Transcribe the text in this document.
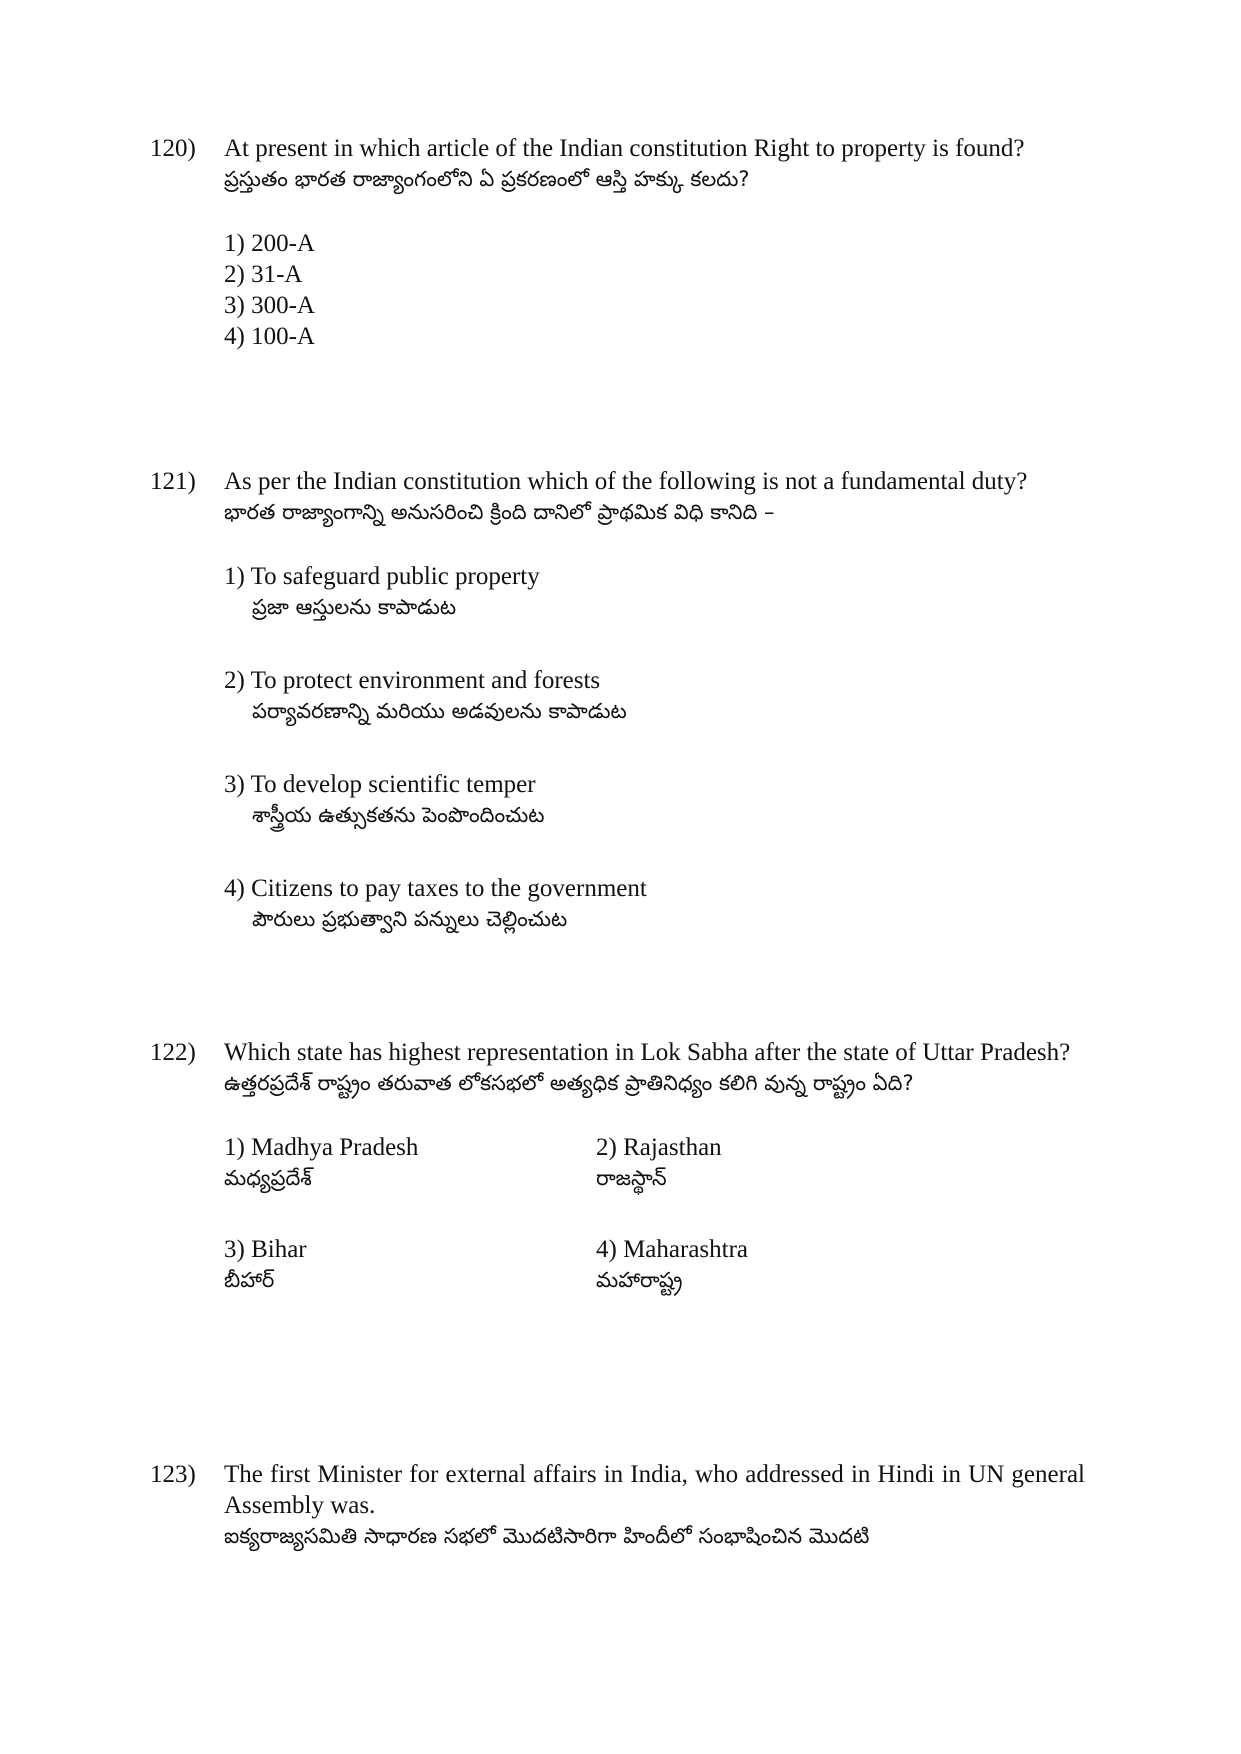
120) At present in which article of the Indian constitution Right to property is found?
ప్రస్తుతం భారత రాజ్యాంగంలోని ఏ ప్రకరణంలో ఆస్తి హక్కు కలదు?
1) 200-A
2) 31-A
3) 300-A
4) 100-A
121) As per the Indian constitution which of the following is not a fundamental duty?
భారత రాజ్యాంగాన్ని అనుసరించి క్రింది దానిలో ప్రాథమిక విధి కానిది –
1) To safeguard public property
ప్రజా ఆస్తులను కాపాడుట
2) To protect environment and forests
పర్యావరణాన్ని మరియు అడవులను కాపాడుట
3) To develop scientific temper
శాస్త్రీయ ఉత్సుకతను పెంపొందించుట
4) Citizens to pay taxes to the government
పౌరులు ప్రభుత్వాని పన్నులు చెల్లించుట
122) Which state has highest representation in Lok Sabha after the state of Uttar Pradesh?
ఉత్తరప్రదేశ్ రాష్ట్రం తరువాత లోకసభలో అత్యధిక ప్రాతినిధ్యం కలిగి వున్న రాష్ట్రం ఏది?
1) Madhya Pradesh
మధ్యప్రదేశ్
2) Rajasthan
రాజస్థాన్
3) Bihar
బీహార్
4) Maharashtra
మహారాష్ట్ర
123) The first Minister for external affairs in India, who addressed in Hindi in UN general Assembly was.
ఐక్యరాజ్యసమితి సాధారణ సభలో మొదటిసారిగా హిందీలో సంభాషించిన మొదటి
